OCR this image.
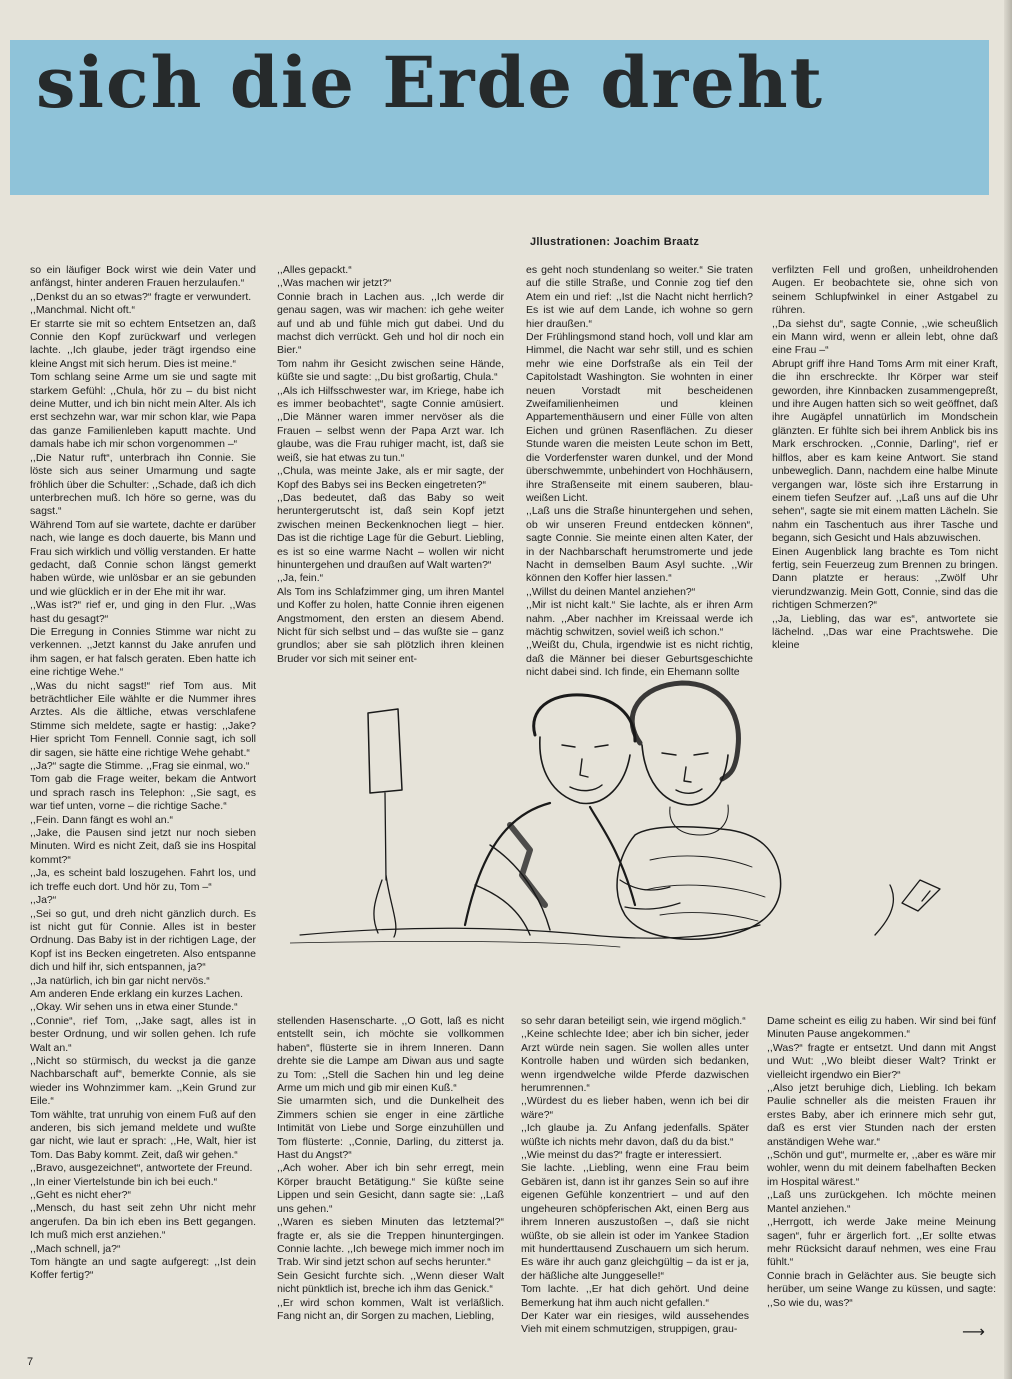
sich die Erde dreht

Jllustrationen: Joachim Braatz

so ein läufiger Bock wirst wie dein Vater und anfängst, hinter anderen Frauen herzulaufen.“

,,Denkst du an so etwas?“ fragte er verwundert.

,,Manchmal. Nicht oft.“

Er starrte sie mit so echtem Entsetzen an, daß Connie den Kopf zurückwarf und verlegen lachte. ,,Ich glaube, jeder trägt irgendso eine kleine Angst mit sich herum. Dies ist meine.“

Tom schlang seine Arme um sie und sagte mit starkem Gefühl: ,,Chula, hör zu – du bist nicht deine Mutter, und ich bin nicht mein Alter. Als ich erst sechzehn war, war mir schon klar, wie Papa das ganze Familienleben kaputt machte. Und damals habe ich mir schon vorgenommen –“

,,Die Natur ruft“, unterbrach ihn Connie. Sie löste sich aus seiner Umarmung und sagte fröhlich über die Schulter: ,,Schade, daß ich dich unterbrechen muß. Ich höre so gerne, was du sagst.“

Während Tom auf sie wartete, dachte er darüber nach, wie lange es doch dauerte, bis Mann und Frau sich wirklich und völlig verstanden. Er hatte gedacht, daß Connie schon längst gemerkt haben würde, wie unlösbar er an sie gebunden und wie glücklich er in der Ehe mit ihr war.

,,Was ist?“ rief er, und ging in den Flur. ,,Was hast du gesagt?“

Die Erregung in Connies Stimme war nicht zu verkennen. ,,Jetzt kannst du Jake anrufen und ihm sagen, er hat falsch geraten. Eben hatte ich eine richtige Wehe.“

,,Was du nicht sagst!“ rief Tom aus. Mit beträchtlicher Eile wählte er die Nummer ihres Arztes. Als die ältliche, etwas verschlafene Stimme sich meldete, sagte er hastig: ,,Jake? Hier spricht Tom Fennell. Connie sagt, ich soll dir sagen, sie hätte eine richtige Wehe gehabt.“

,,Ja?“ sagte die Stimme. ,,Frag sie einmal, wo.“

Tom gab die Frage weiter, bekam die Antwort und sprach rasch ins Telephon: ,,Sie sagt, es war tief unten, vorne – die richtige Sache.“

,,Fein. Dann fängt es wohl an.“

,,Jake, die Pausen sind jetzt nur noch sieben Minuten. Wird es nicht Zeit, daß sie ins Hospital kommt?“

,,Ja, es scheint bald loszugehen. Fahrt los, und ich treffe euch dort. Und hör zu, Tom –“

,,Ja?“

,,Sei so gut, und dreh nicht gänzlich durch. Es ist nicht gut für Connie. Alles ist in bester Ordnung. Das Baby ist in der richtigen Lage, der Kopf ist ins Becken eingetreten. Also entspanne dich und hilf ihr, sich entspannen, ja?“

,,Ja natürlich, ich bin gar nicht nervös.“

Am anderen Ende erklang ein kurzes Lachen.

,,Okay. Wir sehen uns in etwa einer Stunde.“

,,Connie“, rief Tom, ,,Jake sagt, alles ist in bester Ordnung, und wir sollen gehen. Ich rufe Walt an.“

,,Nicht so stürmisch, du weckst ja die ganze Nachbarschaft auf“, bemerkte Connie, als sie wieder ins Wohnzimmer kam. ,,Kein Grund zur Eile.“

Tom wählte, trat unruhig von einem Fuß auf den anderen, bis sich jemand meldete und wußte gar nicht, wie laut er sprach: ,,He, Walt, hier ist Tom. Das Baby kommt. Zeit, daß wir gehen.“

,,Bravo, ausgezeichnet“, antwortete der Freund.

,,In einer Viertelstunde bin ich bei euch.“

,,Geht es nicht eher?“

,,Mensch, du hast seit zehn Uhr nicht mehr angerufen. Da bin ich eben ins Bett gegangen. Ich muß mich erst anziehen.“

,,Mach schnell, ja?“

Tom hängte an und sagte aufgeregt: ,,Ist dein Koffer fertig?“

,,Alles gepackt.“

,,Was machen wir jetzt?“

Connie brach in Lachen aus. ,,Ich werde dir genau sagen, was wir machen: ich gehe weiter auf und ab und fühle mich gut dabei. Und du machst dich verrückt. Geh und hol dir noch ein Bier.“

Tom nahm ihr Gesicht zwischen seine Hände, küßte sie und sagte: ,,Du bist großartig, Chula.“

,,Als ich Hilfsschwester war, im Kriege, habe ich es immer beobachtet“, sagte Connie amüsiert. ,,Die Männer waren immer nervöser als die Frauen – selbst wenn der Papa Arzt war. Ich glaube, was die Frau ruhiger macht, ist, daß sie weiß, sie hat etwas zu tun.“

,,Chula, was meinte Jake, als er mir sagte, der Kopf des Babys sei ins Becken eingetreten?“

,,Das bedeutet, daß das Baby so weit heruntergerutscht ist, daß sein Kopf jetzt zwischen meinen Beckenknochen liegt – hier. Das ist die richtige Lage für die Geburt. Liebling, es ist so eine warme Nacht – wollen wir nicht hinuntergehen und draußen auf Walt warten?“

,,Ja, fein.“

Als Tom ins Schlafzimmer ging, um ihren Mantel und Koffer zu holen, hatte Connie ihren eigenen Angstmoment, den ersten an diesem Abend. Nicht für sich selbst und – das wußte sie – ganz grundlos; aber sie sah plötzlich ihren kleinen Bruder vor sich mit seiner ent-

es geht noch stundenlang so weiter.“ Sie traten auf die stille Straße, und Connie zog tief den Atem ein und rief: ,,Ist die Nacht nicht herrlich? Es ist wie auf dem Lande, ich wohne so gern hier draußen.“

Der Frühlingsmond stand hoch, voll und klar am Himmel, die Nacht war sehr still, und es schien mehr wie eine Dorfstraße als ein Teil der Capitolstadt Washington. Sie wohnten in einer neuen Vorstadt mit bescheidenen Zweifamilienheimen und kleinen Appartementhäusern und einer Fülle von alten Eichen und grünen Rasenflächen. Zu dieser Stunde waren die meisten Leute schon im Bett, die Vorderfenster waren dunkel, und der Mond überschwemmte, unbehindert von Hochhäusern, ihre Straßenseite mit einem sauberen, blau-weißen Licht.

,,Laß uns die Straße hinuntergehen und sehen, ob wir unseren Freund entdecken können“, sagte Connie. Sie meinte einen alten Kater, der in der Nachbarschaft herumstromerte und jede Nacht in demselben Baum Asyl suchte. ,,Wir können den Koffer hier lassen.“

,,Willst du deinen Mantel anziehen?“

,,Mir ist nicht kalt.“ Sie lachte, als er ihren Arm nahm. ,,Aber nachher im Kreissaal werde ich mächtig schwitzen, soviel weiß ich schon.“

,,Weißt du, Chula, irgendwie ist es nicht richtig, daß die Männer bei dieser Geburtsgeschichte nicht dabei sind. Ich finde, ein Ehemann sollte

verfilzten Fell und großen, unheildrohenden Augen. Er beobachtete sie, ohne sich von seinem Schlupfwinkel in einer Astgabel zu rühren.

,,Da siehst du“, sagte Connie, ,,wie scheußlich ein Mann wird, wenn er allein lebt, ohne daß eine Frau –“

Abrupt griff ihre Hand Toms Arm mit einer Kraft, die ihn erschreckte. Ihr Körper war steif geworden, ihre Kinnbacken zusammengepreßt, und ihre Augen hatten sich so weit geöffnet, daß ihre Augäpfel unnatürlich im Mondschein glänzten. Er fühlte sich bei ihrem Anblick bis ins Mark erschrocken. ,,Connie, Darling“, rief er hilflos, aber es kam keine Antwort. Sie stand unbeweglich. Dann, nachdem eine halbe Minute vergangen war, löste sich ihre Erstarrung in einem tiefen Seufzer auf. ,,Laß uns auf die Uhr sehen“, sagte sie mit einem matten Lächeln. Sie nahm ein Taschentuch aus ihrer Tasche und begann, sich Gesicht und Hals abzuwischen.

Einen Augenblick lang brachte es Tom nicht fertig, sein Feuerzeug zum Brennen zu bringen. Dann platzte er heraus: ,,Zwölf Uhr vierundzwanzig. Mein Gott, Connie, sind das die richtigen Schmerzen?“

,,Ja, Liebling, das war es“, antwortete sie lächelnd. ,,Das war eine Prachtswehe. Die kleine

stellenden Hasenscharte. ,,O Gott, laß es nicht entstellt sein, ich möchte sie vollkommen haben“, flüsterte sie in ihrem Inneren. Dann drehte sie die Lampe am Diwan aus und sagte zu Tom: ,,Stell die Sachen hin und leg deine Arme um mich und gib mir einen Kuß.“

Sie umarmten sich, und die Dunkelheit des Zimmers schien sie enger in eine zärtliche Intimität von Liebe und Sorge einzuhüllen und Tom flüsterte: ,,Connie, Darling, du zitterst ja. Hast du Angst?“

,,Ach woher. Aber ich bin sehr erregt, mein Körper braucht Betätigung.“ Sie küßte seine Lippen und sein Gesicht, dann sagte sie: ,,Laß uns gehen.“

,,Waren es sieben Minuten das letztemal?“ fragte er, als sie die Treppen hinuntergingen. Connie lachte. ,,Ich bewege mich immer noch im Trab. Wir sind jetzt schon auf sechs herunter.“

Sein Gesicht furchte sich. ,,Wenn dieser Walt nicht pünktlich ist, breche ich ihm das Genick.“

,,Er wird schon kommen, Walt ist verläßlich. Fang nicht an, dir Sorgen zu machen, Liebling,

so sehr daran beteiligt sein, wie irgend möglich.“

,,Keine schlechte Idee; aber ich bin sicher, jeder Arzt würde nein sagen. Sie wollen alles unter Kontrolle haben und würden sich bedanken, wenn irgendwelche wilde Pferde dazwischen herumrennen.“

,,Würdest du es lieber haben, wenn ich bei dir wäre?“

,,Ich glaube ja. Zu Anfang jedenfalls. Später wüßte ich nichts mehr davon, daß du da bist.“

,,Wie meinst du das?“ fragte er interessiert.

Sie lachte. ,,Liebling, wenn eine Frau beim Gebären ist, dann ist ihr ganzes Sein so auf ihre eigenen Gefühle konzentriert – und auf den ungeheuren schöpferischen Akt, einen Berg aus ihrem Inneren auszustoßen –, daß sie nicht wüßte, ob sie allein ist oder im Yankee Stadion mit hunderttausend Zuschauern um sich herum. Es wäre ihr auch ganz gleichgültig – da ist er ja, der häßliche alte Junggeselle!“

Tom lachte. ,,Er hat dich gehört. Und deine Bemerkung hat ihm auch nicht gefallen.“

Der Kater war ein riesiges, wild aussehendes Vieh mit einem schmutzigen, struppigen, grau-

Dame scheint es eilig zu haben. Wir sind bei fünf Minuten Pause angekommen.“

,,Was?“ fragte er entsetzt. Und dann mit Angst und Wut: ,,Wo bleibt dieser Walt? Trinkt er vielleicht irgendwo ein Bier?“

,,Also jetzt beruhige dich, Liebling. Ich bekam Paulie schneller als die meisten Frauen ihr erstes Baby, aber ich erinnere mich sehr gut, daß es erst vier Stunden nach der ersten anständigen Wehe war.“

,,Schön und gut“, murmelte er, ,,aber es wäre mir wohler, wenn du mit deinem fabelhaften Becken im Hospital wärest.“

,,Laß uns zurückgehen. Ich möchte meinen Mantel anziehen.“

,,Herrgott, ich werde Jake meine Meinung sagen“, fuhr er ärgerlich fort. ,,Er sollte etwas mehr Rücksicht darauf nehmen, wes eine Frau fühlt.“

Connie brach in Gelächter aus. Sie beugte sich herüber, um seine Wange zu küssen, und sagte: ,,So wie du, was?“

7

⟶
